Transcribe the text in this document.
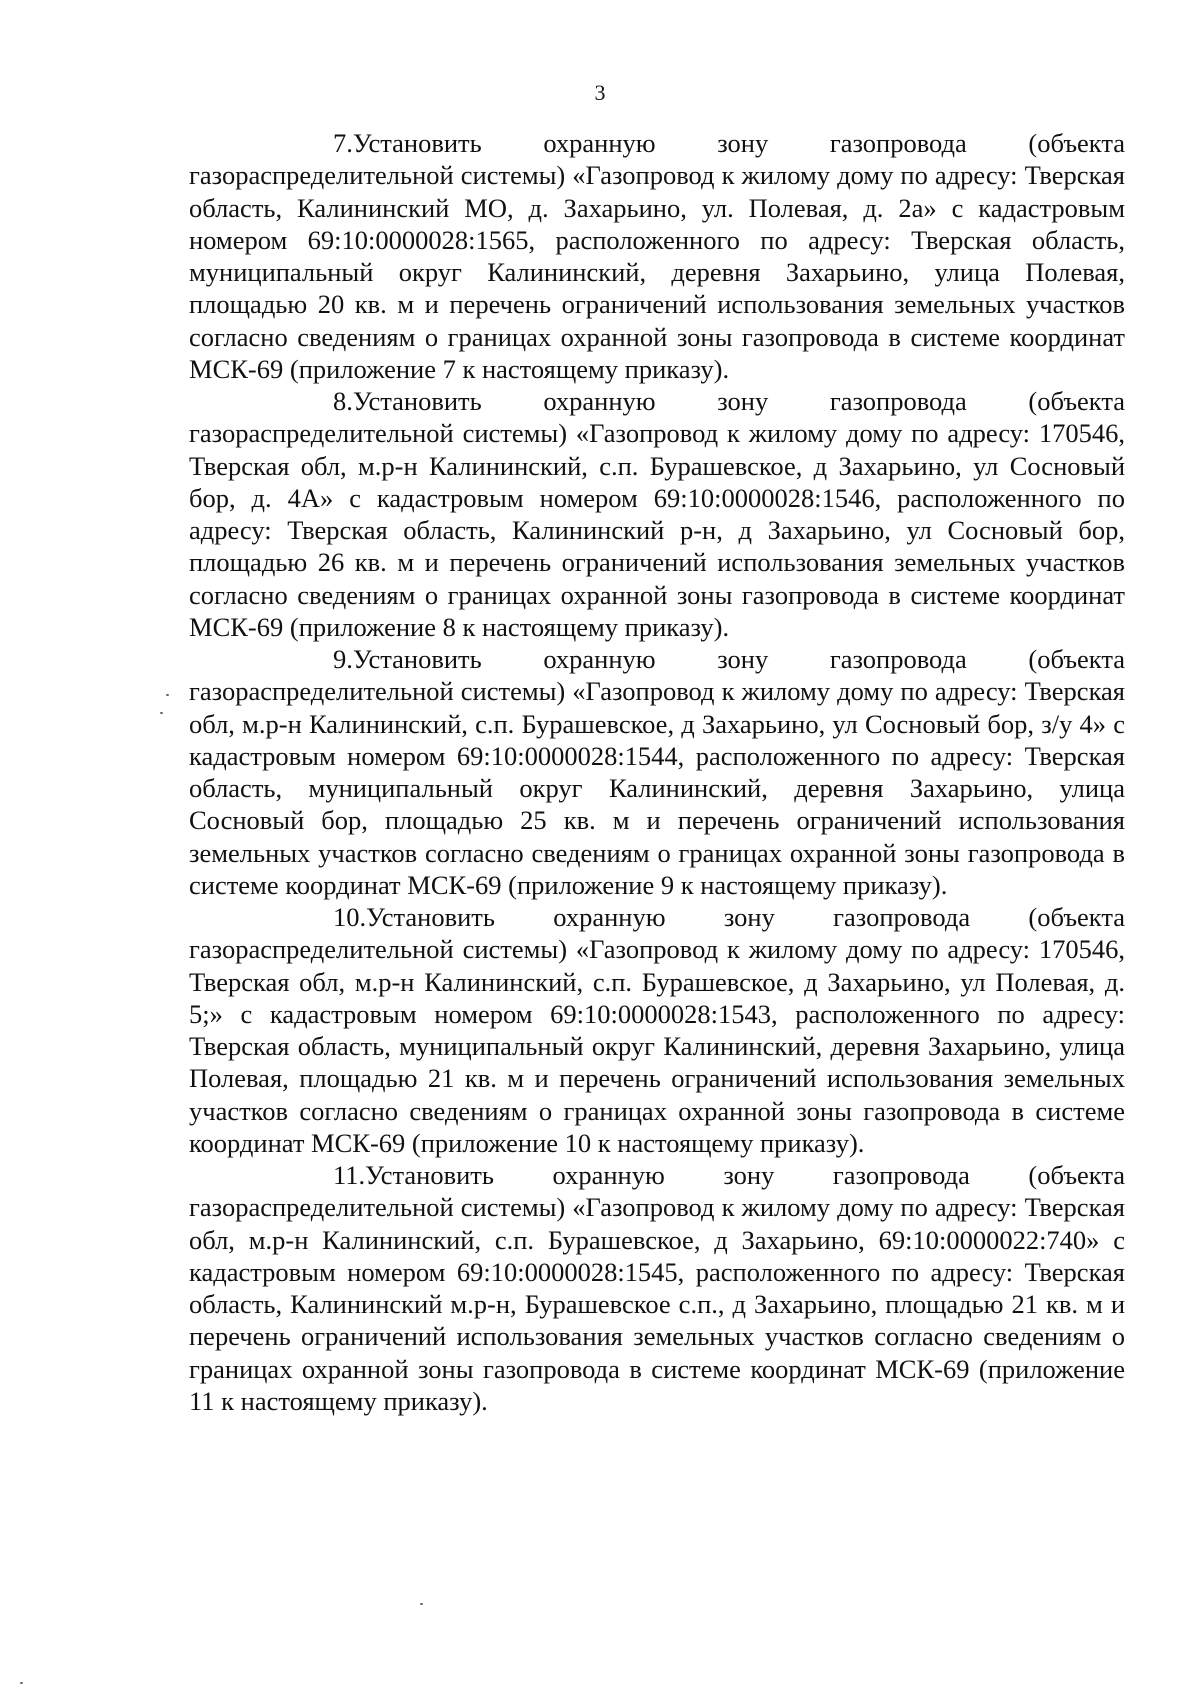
3

7.Установить охранную зону газопровода (объекта газораспределительной системы) «Газопровод к жилому дому по адресу: Тверская область, Калининский МО, д. Захарьино, ул. Полевая, д. 2а» с кадастровым номером 69:10:0000028:1565, расположенного по адресу: Тверская область, муниципальный округ Калининский, деревня Захарьино, улица Полевая, площадью 20 кв. м и перечень ограничений использования земельных участков согласно сведениям о границах охранной зоны газопровода в системе координат МСК-69 (приложение 7 к настоящему приказу).

8.Установить охранную зону газопровода (объекта газораспределительной системы) «Газопровод к жилому дому по адресу: 170546, Тверская обл, м.р-н Калининский, с.п. Бурашевское, д Захарьино, ул Сосновый бор, д. 4А» с кадастровым номером 69:10:0000028:1546, расположенного по адресу: Тверская область, Калининский р-н, д Захарьино, ул Сосновый бор, площадью 26 кв. м и перечень ограничений использования земельных участков согласно сведениям о границах охранной зоны газопровода в системе координат МСК-69 (приложение 8 к настоящему приказу).

9.Установить охранную зону газопровода (объекта газораспределительной системы) «Газопровод к жилому дому по адресу: Тверская обл, м.р-н Калининский, с.п. Бурашевское, д Захарьино, ул Сосновый бор, з/у 4» с кадастровым номером 69:10:0000028:1544, расположенного по адресу: Тверская область, муниципальный округ Калининский, деревня Захарьино, улица Сосновый бор, площадью 25 кв. м и перечень ограничений использования земельных участков согласно сведениям о границах охранной зоны газопровода в системе координат МСК-69 (приложение 9 к настоящему приказу).

10.Установить охранную зону газопровода (объекта газораспределительной системы) «Газопровод к жилому дому по адресу: 170546, Тверская обл, м.р-н Калининский, с.п. Бурашевское, д Захарьино, ул Полевая, д. 5;» с кадастровым номером 69:10:0000028:1543, расположенного по адресу: Тверская область, муниципальный округ Калининский, деревня Захарьино, улица Полевая, площадью 21 кв. м и перечень ограничений использования земельных участков согласно сведениям о границах охранной зоны газопровода в системе координат МСК-69 (приложение 10 к настоящему приказу).

11.Установить охранную зону газопровода (объекта газораспределительной системы) «Газопровод к жилому дому по адресу: Тверская обл, м.р-н Калининский, с.п. Бурашевское, д Захарьино, 69:10:0000022:740» с кадастровым номером 69:10:0000028:1545, расположенного по адресу: Тверская область, Калининский м.р-н, Бурашевское с.п., д Захарьино, площадью 21 кв. м и перечень ограничений использования земельных участков согласно сведениям о границах охранной зоны газопровода в системе координат МСК-69 (приложение 11 к настоящему приказу).
